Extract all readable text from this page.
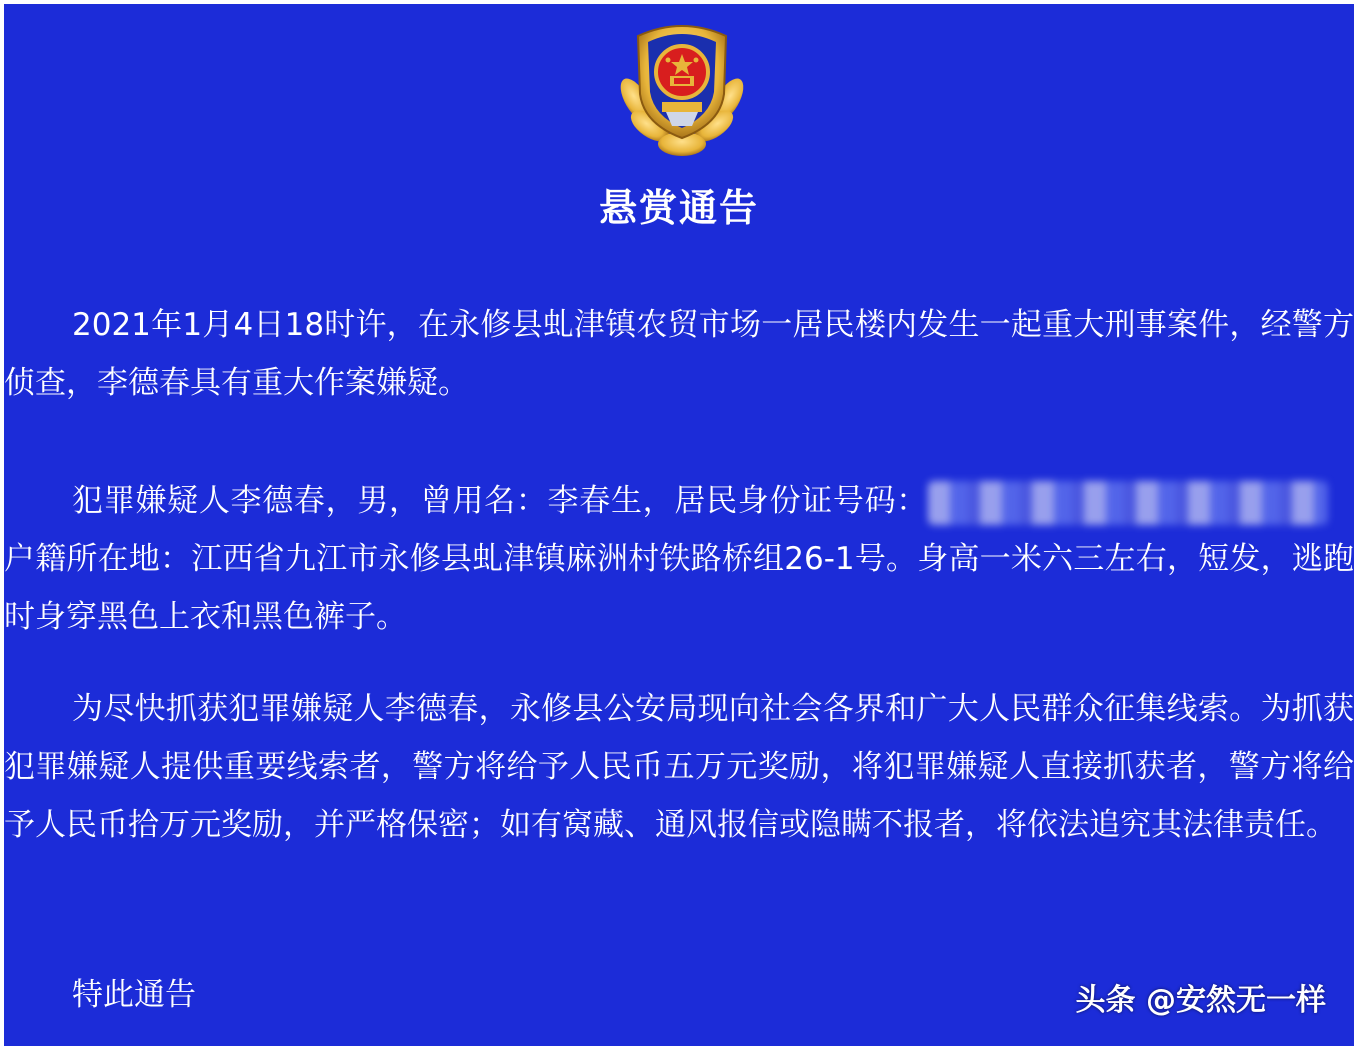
悬赏通告

2021年1月4日18时许，在永修县虬津镇农贸市场一居民楼内发生一起重大刑事案件，经警方侦查，李德春具有重大作案嫌疑。

犯罪嫌疑人李德春，男，曾用名：李春生，居民身份证号码：户籍所在地：江西省九江市永修县虬津镇麻洲村铁路桥组26-1号。身高一米六三左右，短发，逃跑时身穿黑色上衣和黑色裤子。

为尽快抓获犯罪嫌疑人李德春，永修县公安局现向社会各界和广大人民群众征集线索。为抓获犯罪嫌疑人提供重要线索者，警方将给予人民币五万元奖励，将犯罪嫌疑人直接抓获者，警方将给予人民币拾万元奖励，并严格保密；如有窝藏、通风报信或隐瞒不报者，将依法追究其法律责任。

特此通告	头条 @安然无一样
